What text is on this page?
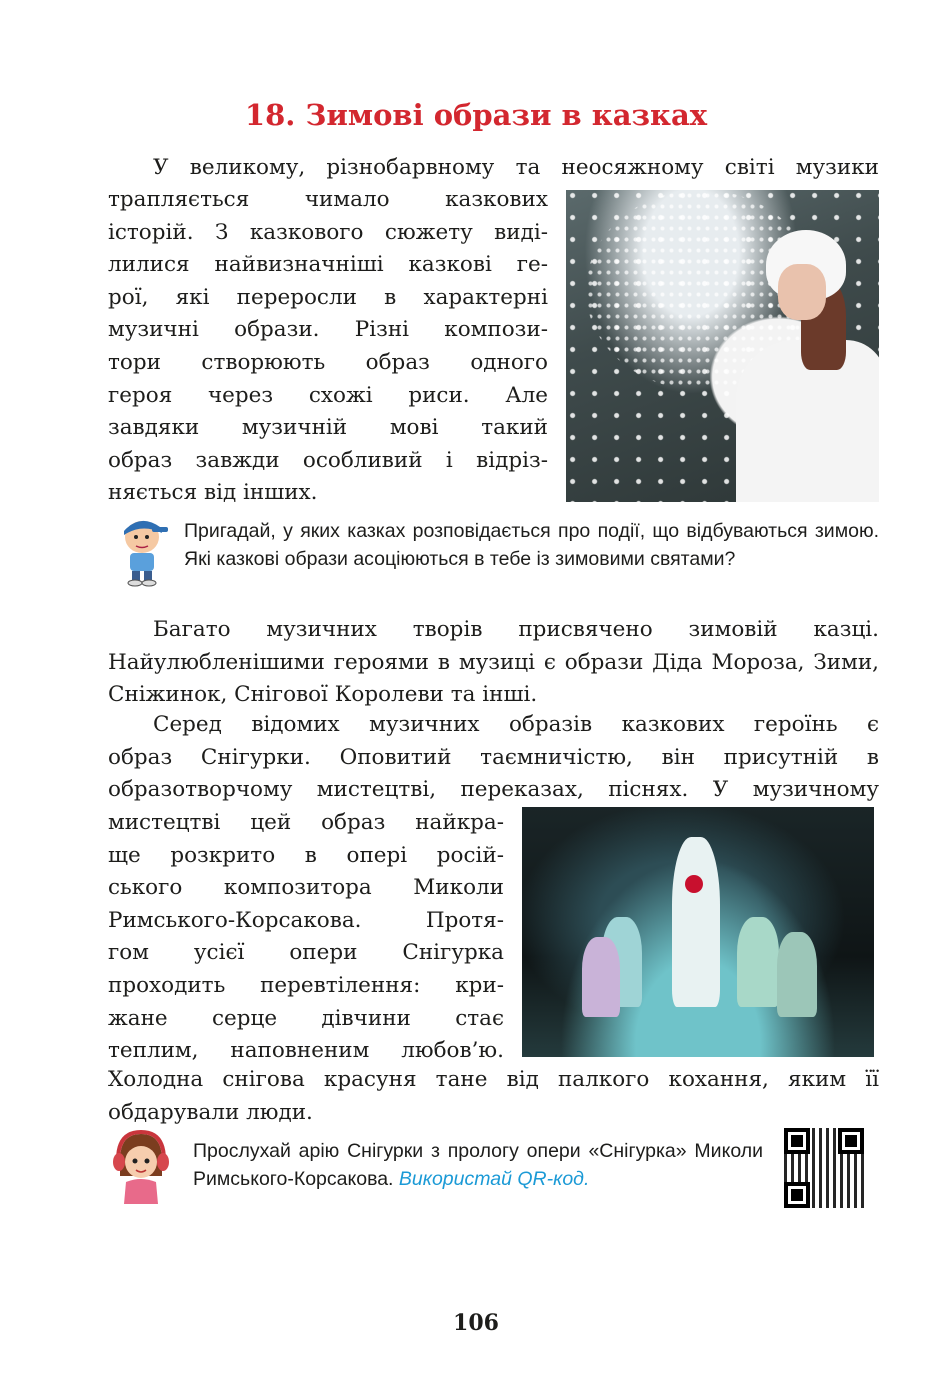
18. Зимові образи в казках
У великому, різнобарвному та неосяжному світі музики
трапляється чимало казкових
історій. З казкового сюжету виді-
лилися найвизначніші казкові ге-
рої, які переросли в характерні
музичні образи. Різні компози-
тори створюють образ одного
героя через схожі риси. Але
завдяки музичній мові такий
образ завжди особливий і відріз-
няється від інших.
Пригадай, у яких казках розповідається про події, що відбуваються зимою. Які казкові образи асоціюються в тебе із зимовими святами?
Багато музичних творів присвячено зимовій казці. Найулюбленішими героями в музиці є образи Діда Мороза, Зими, Сніжинок, Снігової Королеви та інші.
Серед відомих музичних образів казкових героїнь є
образ Снігурки. Оповитий таємничістю, він присутній в
образотворчому мистецтві, переказах, піснях. У музичному
мистецтві цей образ найкра-
ще розкрито в опері росій-
ського композитора Миколи
Римського-Корсакова. Протя-
гом усієї опери Снігурка
проходить перевтілення: кри-
жане серце дівчини стає
теплим, наповненим любов’ю.
Холодна снігова красуня тане від палкого кохання, яким її
обдарували люди.
Прослухай арію Снігурки з прологу опери «Снігурка» Миколи Римського-Корсакова. Використай QR-код.
106
